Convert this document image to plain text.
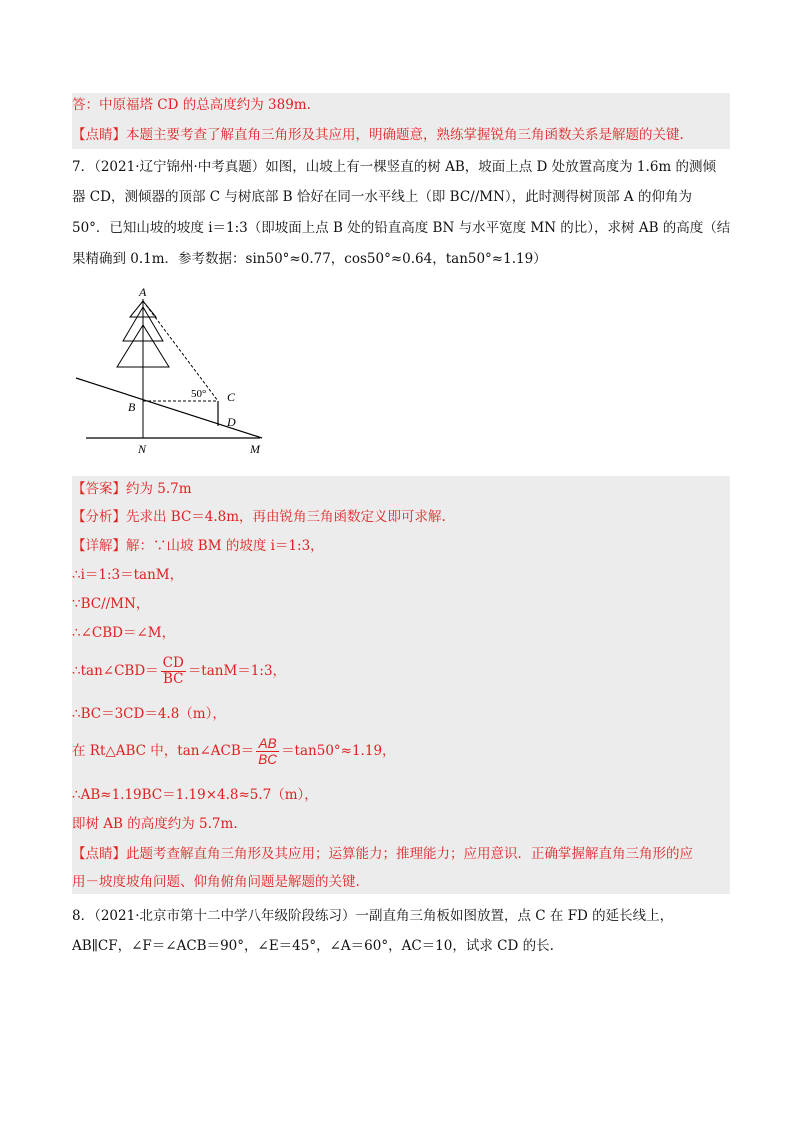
答：中原福塔 CD 的总高度约为 389m.
【点睛】本题主要考查了解直角三角形及其应用，明确题意，熟练掌握锐角三角函数关系是解题的关键.
7．（2021·辽宁锦州·中考真题）如图，山坡上有一棵竖直的树 AB，坡面上点 D 处放置高度为 1.6m 的测倾
器 CD，测倾器的顶部 C 与树底部 B 恰好在同一水平线上（即 BC//MN），此时测得树顶部 A 的仰角为
50°．已知山坡的坡度 i＝1:3（即坡面上点 B 处的铅直高度 BN 与水平宽度 MN 的比），求树 AB 的高度（结
果精确到 0.1m．参考数据：sin50°≈0.77，cos50°≈0.64，tan50°≈1.19）
A
B
C
D
N	M
50°
【答案】约为 5.7m
【分析】先求出 BC＝4.8m，再由锐角三角函数定义即可求解.
【详解】解：∵山坡 BM 的坡度 i＝1:3，
∴i＝1:3＝tanM，
∵BC//MN，
∴∠CBD＝∠M，
∴tan∠CBD＝ $\frac{CD}{BC}$ ＝tanM＝1:3，
∴BC＝3CD＝4.8（m），
在 Rt△ABC 中，tan∠ACB＝ $\frac{AB}{BC} =\tan 50^\circ\approx 1.19$，
∴AB≈1.19BC＝1.19×4.8≈5.7（m），
即树 AB 的高度约为 5.7m.
【点睛】此题考查解直角三角形及其应用；运算能力；推理能力；应用意识．正确掌握解直角三角形的应
用－坡度坡角问题、仰角俯角问题是解题的关键.
8．（2021·北京市第十二中学八年级阶段练习）一副直角三角板如图放置，点 C 在 FD 的延长线上，
AB∥CF，∠F＝∠ACB＝90°，∠E＝45°，∠A＝60°，AC＝10，试求 CD 的长.
